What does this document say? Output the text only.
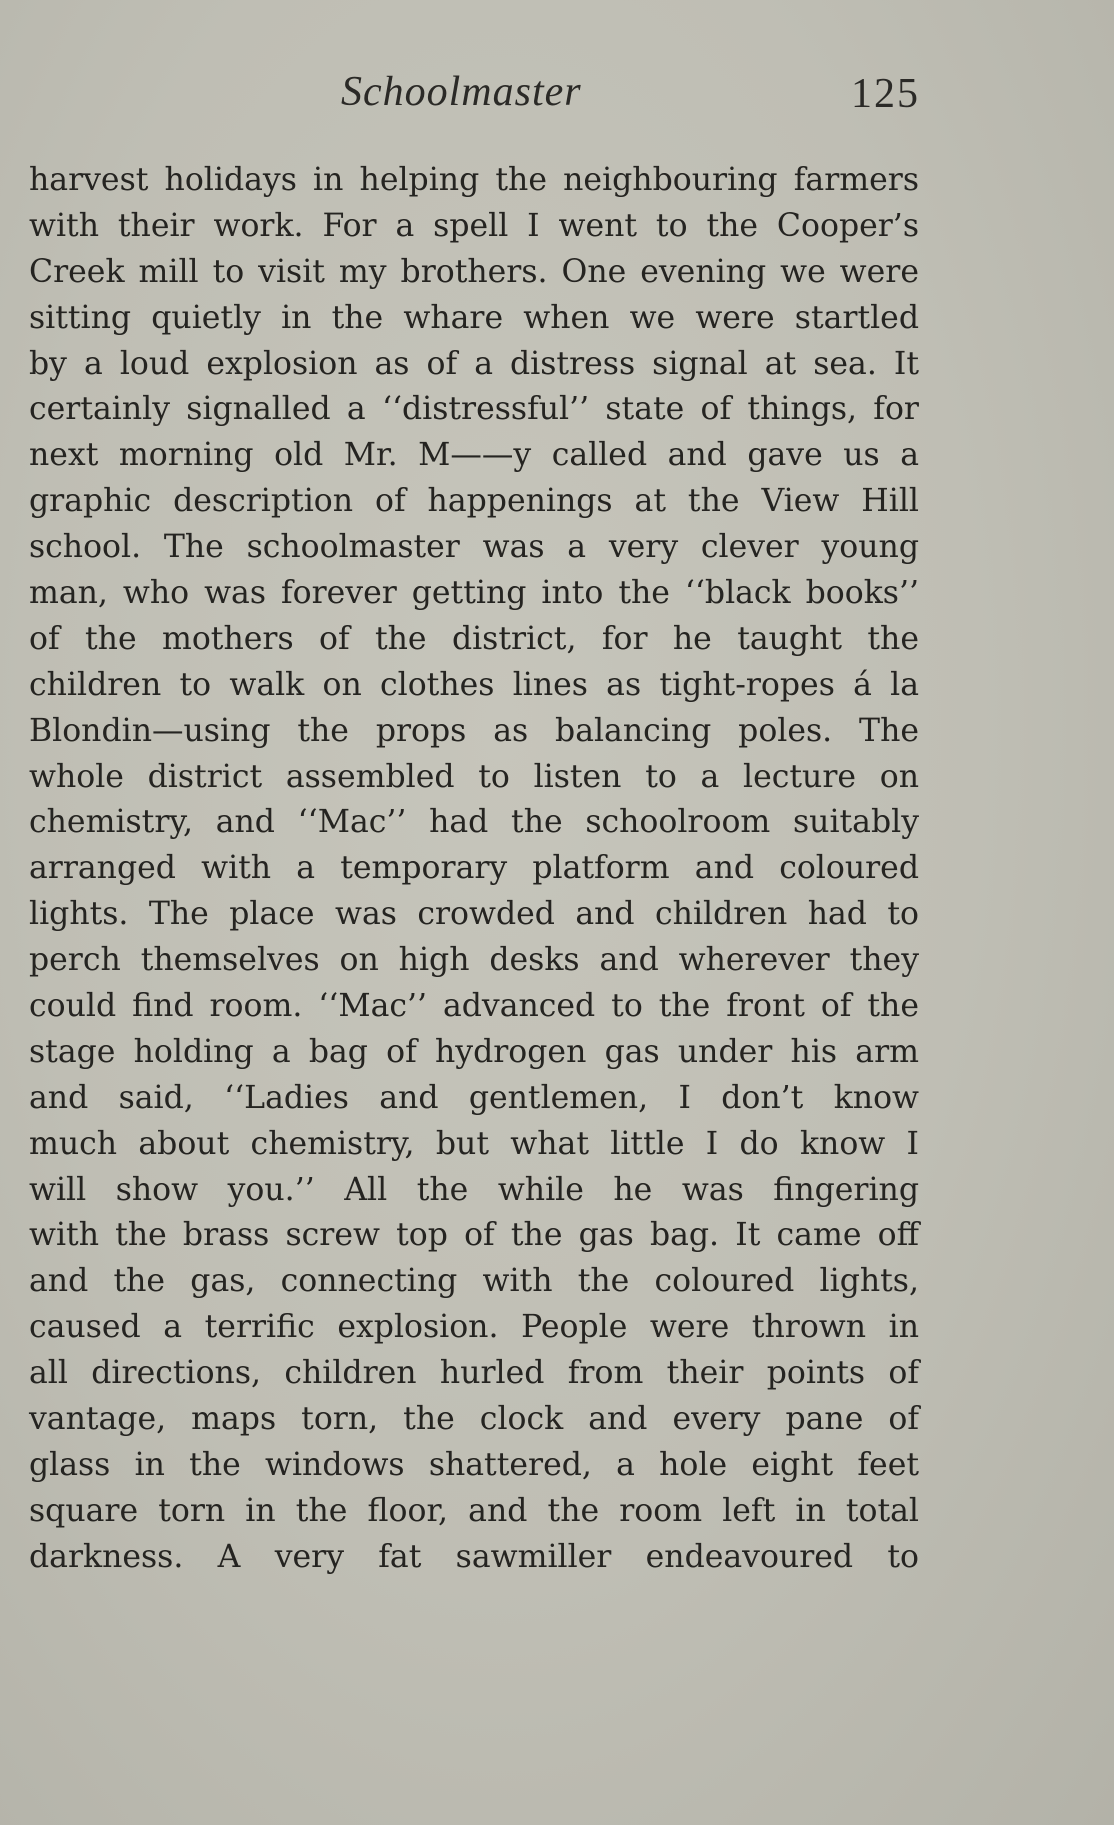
Schoolmaster	125
harvest holidays in helping the neighbouring farmers
with their work. For a spell I went to the Cooper’s
Creek mill to visit my brothers. One evening we were
sitting quietly in the whare when we were startled
by a loud explosion as of a distress signal at sea. It
certainly signalled a ‘‘distressful’’ state of things, for
next morning old Mr. M——y called and gave us a
graphic description of happenings at the View Hill
school. The schoolmaster was a very clever young
man, who was forever getting into the ‘‘black books’’
of the mothers of the district, for he taught the
children to walk on clothes lines as tight-ropes á la
Blondin—using the props as balancing poles. The
whole district assembled to listen to a lecture on
chemistry, and ‘‘Mac’’ had the schoolroom suitably
arranged with a temporary platform and coloured
lights. The place was crowded and children had to
perch themselves on high desks and wherever they
could find room. ‘‘Mac’’ advanced to the front of the
stage holding a bag of hydrogen gas under his arm
and said, ‘‘Ladies and gentlemen, I don’t know
much about chemistry, but what little I do know I
will show you.’’ All the while he was fingering
with the brass screw top of the gas bag. It came off
and the gas, connecting with the coloured lights,
caused a terrific explosion. People were thrown in
all directions, children hurled from their points of
vantage, maps torn, the clock and every pane of
glass in the windows shattered, a hole eight feet
square torn in the floor, and the room left in total
darkness. A very fat sawmiller endeavoured to
